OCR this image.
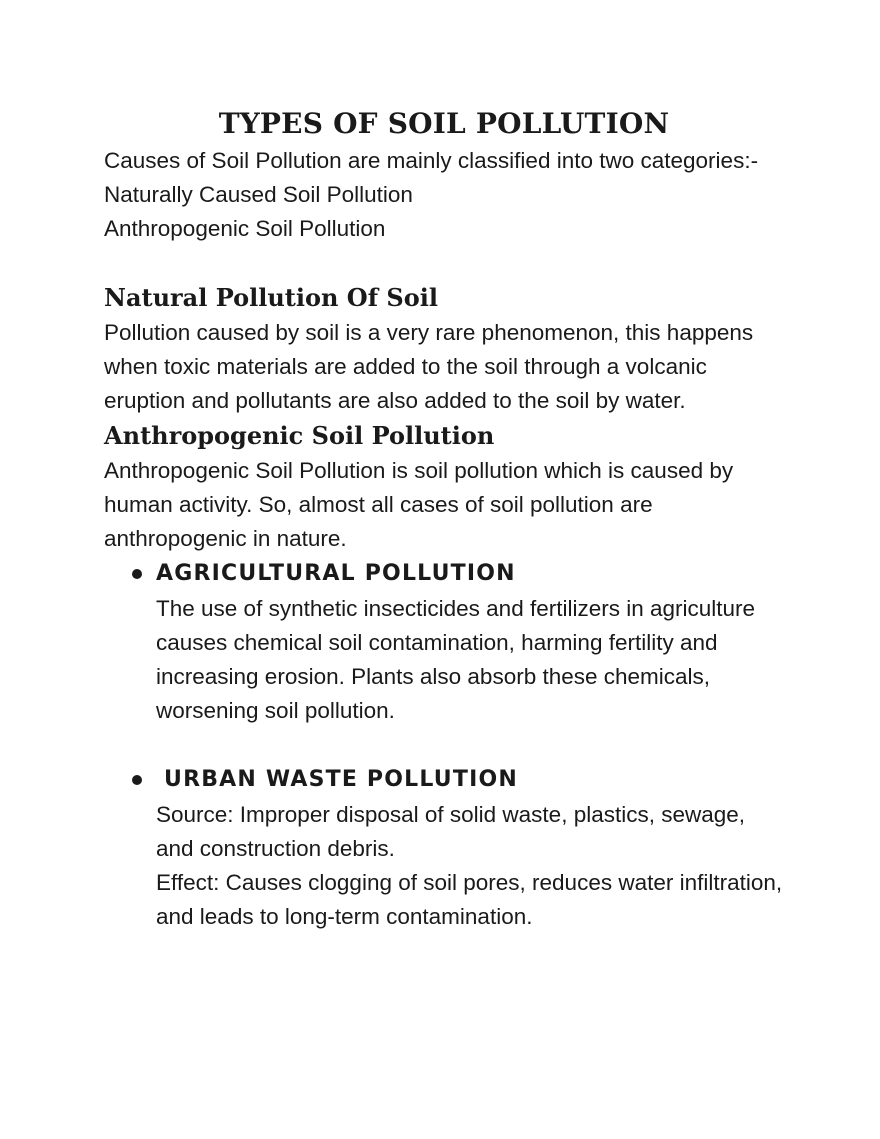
TYPES OF SOIL POLLUTION

Causes of Soil Pollution are mainly classified into two categories:-

Naturally Caused Soil Pollution

Anthropogenic Soil Pollution

Natural Pollution Of Soil

Pollution caused by soil is a very rare phenomenon, this happens when toxic materials are added to the soil through a volcanic eruption and pollutants are also added to the soil by water.

Anthropogenic Soil Pollution

Anthropogenic Soil Pollution is soil pollution which is caused by human activity. So, almost all cases of soil pollution are anthropogenic in nature.

AGRICULTURAL POLLUTION

The use of synthetic insecticides and fertilizers in agriculture causes chemical soil contamination, harming fertility and increasing erosion. Plants also absorb these chemicals, worsening soil pollution.

URBAN WASTE POLLUTION

Source: Improper disposal of solid waste, plastics, sewage, and construction debris.

Effect: Causes clogging of soil pores, reduces water infiltration, and leads to long-term contamination.
